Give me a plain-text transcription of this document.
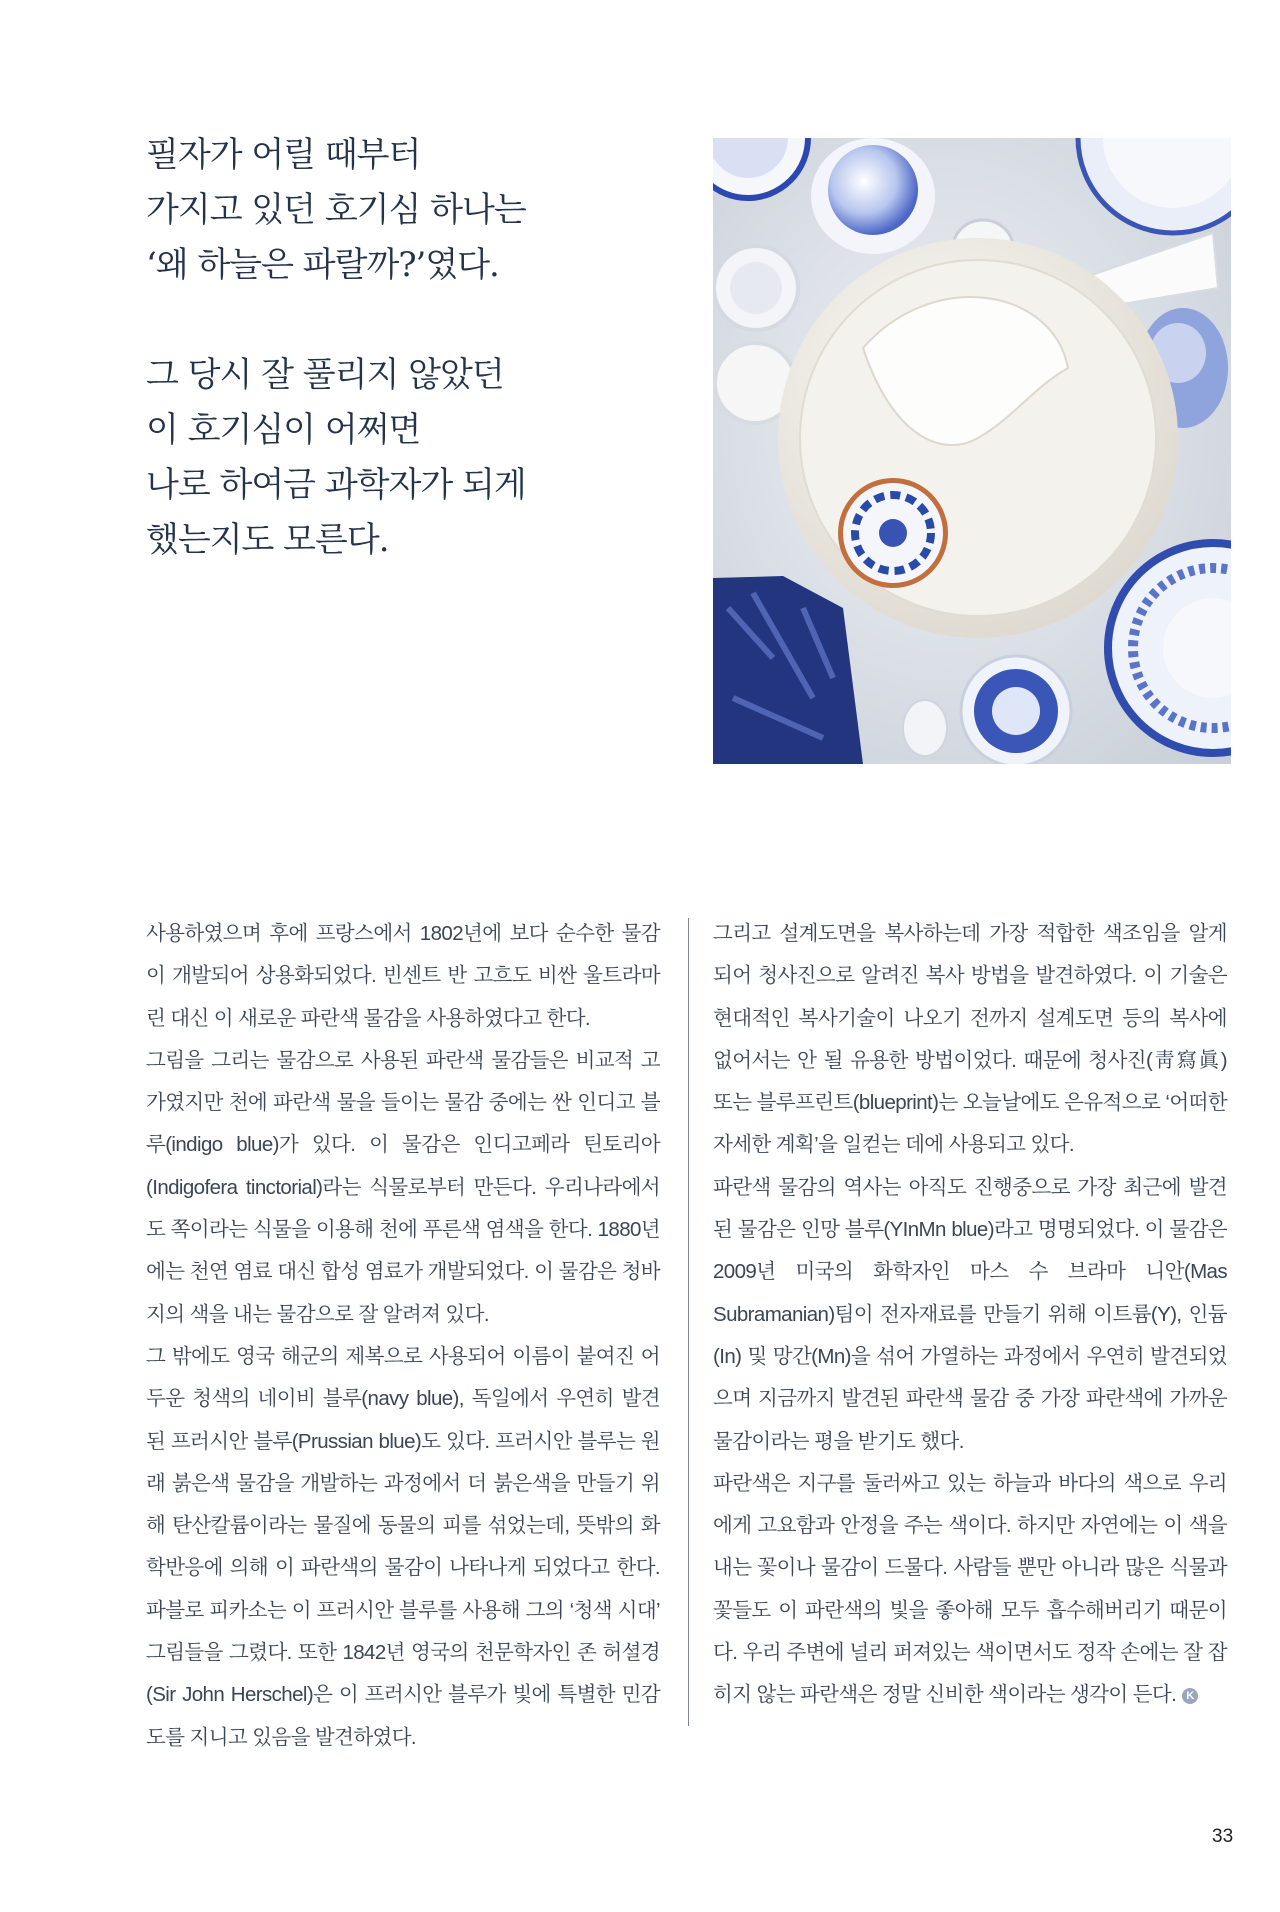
필자가 어릴 때부터
가지고 있던 호기심 하나는
‘왜 하늘은 파랄까?’였다.

그 당시 잘 풀리지 않았던
이 호기심이 어쩌면
나로 하여금 과학자가 되게
했는지도 모른다.

사용하였으며 후에 프랑스에서 1802년에 보다 순수한 물감이 개발되어 상용화되었다. 빈센트 반 고흐도 비싼 울트라마린 대신 이 새로운 파란색 물감을 사용하였다고 한다.

그림을 그리는 물감으로 사용된 파란색 물감들은 비교적 고가였지만 천에 파란색 물을 들이는 물감 중에는 싼 인디고 블루(indigo blue)가 있다. 이 물감은 인디고페라 틴토리아 (Indigofera tinctorial)라는 식물로부터 만든다. 우리나라에서도 쪽이라는 식물을 이용해 천에 푸른색 염색을 한다. 1880년에는 천연 염료 대신 합성 염료가 개발되었다. 이 물감은 청바지의 색을 내는 물감으로 잘 알려져 있다.

그 밖에도 영국 해군의 제복으로 사용되어 이름이 붙여진 어두운 청색의 네이비 블루(navy blue), 독일에서 우연히 발견된 프러시안 블루(Prussian blue)도 있다. 프러시안 블루는 원래 붉은색 물감을 개발하는 과정에서 더 붉은색을 만들기 위해 탄산칼륨이라는 물질에 동물의 피를 섞었는데, 뜻밖의 화학반응에 의해 이 파란색의 물감이 나타나게 되었다고 한다. 파블로 피카소는 이 프러시안 블루를 사용해 그의 ‘청색 시대’ 그림들을 그렸다. 또한 1842년 영국의 천문학자인 존 허셜경(Sir John Herschel)은 이 프러시안 블루가 빛에 특별한 민감도를 지니고 있음을 발견하였다.

그리고 설계도면을 복사하는데 가장 적합한 색조임을 알게 되어 청사진으로 알려진 복사 방법을 발견하였다. 이 기술은 현대적인 복사기술이 나오기 전까지 설계도면 등의 복사에 없어서는 안 될 유용한 방법이었다. 때문에 청사진(靑寫眞) 또는 블루프린트(blueprint)는 오늘날에도 은유적으로 ‘어떠한 자세한 계획’을 일컫는 데에 사용되고 있다.

파란색 물감의 역사는 아직도 진행중으로 가장 최근에 발견된 물감은 인망 블루(YInMn blue)라고 명명되었다. 이 물감은 2009년 미국의 화학자인 마스 수 브라마 니안(Mas Subramanian)팀이 전자재료를 만들기 위해 이트륨(Y), 인듐(In) 및 망간(Mn)을 섞어 가열하는 과정에서 우연히 발견되었으며 지금까지 발견된 파란색 물감 중 가장 파란색에 가까운 물감이라는 평을 받기도 했다.

파란색은 지구를 둘러싸고 있는 하늘과 바다의 색으로 우리에게 고요함과 안정을 주는 색이다. 하지만 자연에는 이 색을 내는 꽃이나 물감이 드물다. 사람들 뿐만 아니라 많은 식물과 꽃들도 이 파란색의 빛을 좋아해 모두 흡수해버리기 때문이다. 우리 주변에 널리 퍼져있는 색이면서도 정작 손에는 잘 잡히지 않는 파란색은 정말 신비한 색이라는 생각이 든다. K

33
